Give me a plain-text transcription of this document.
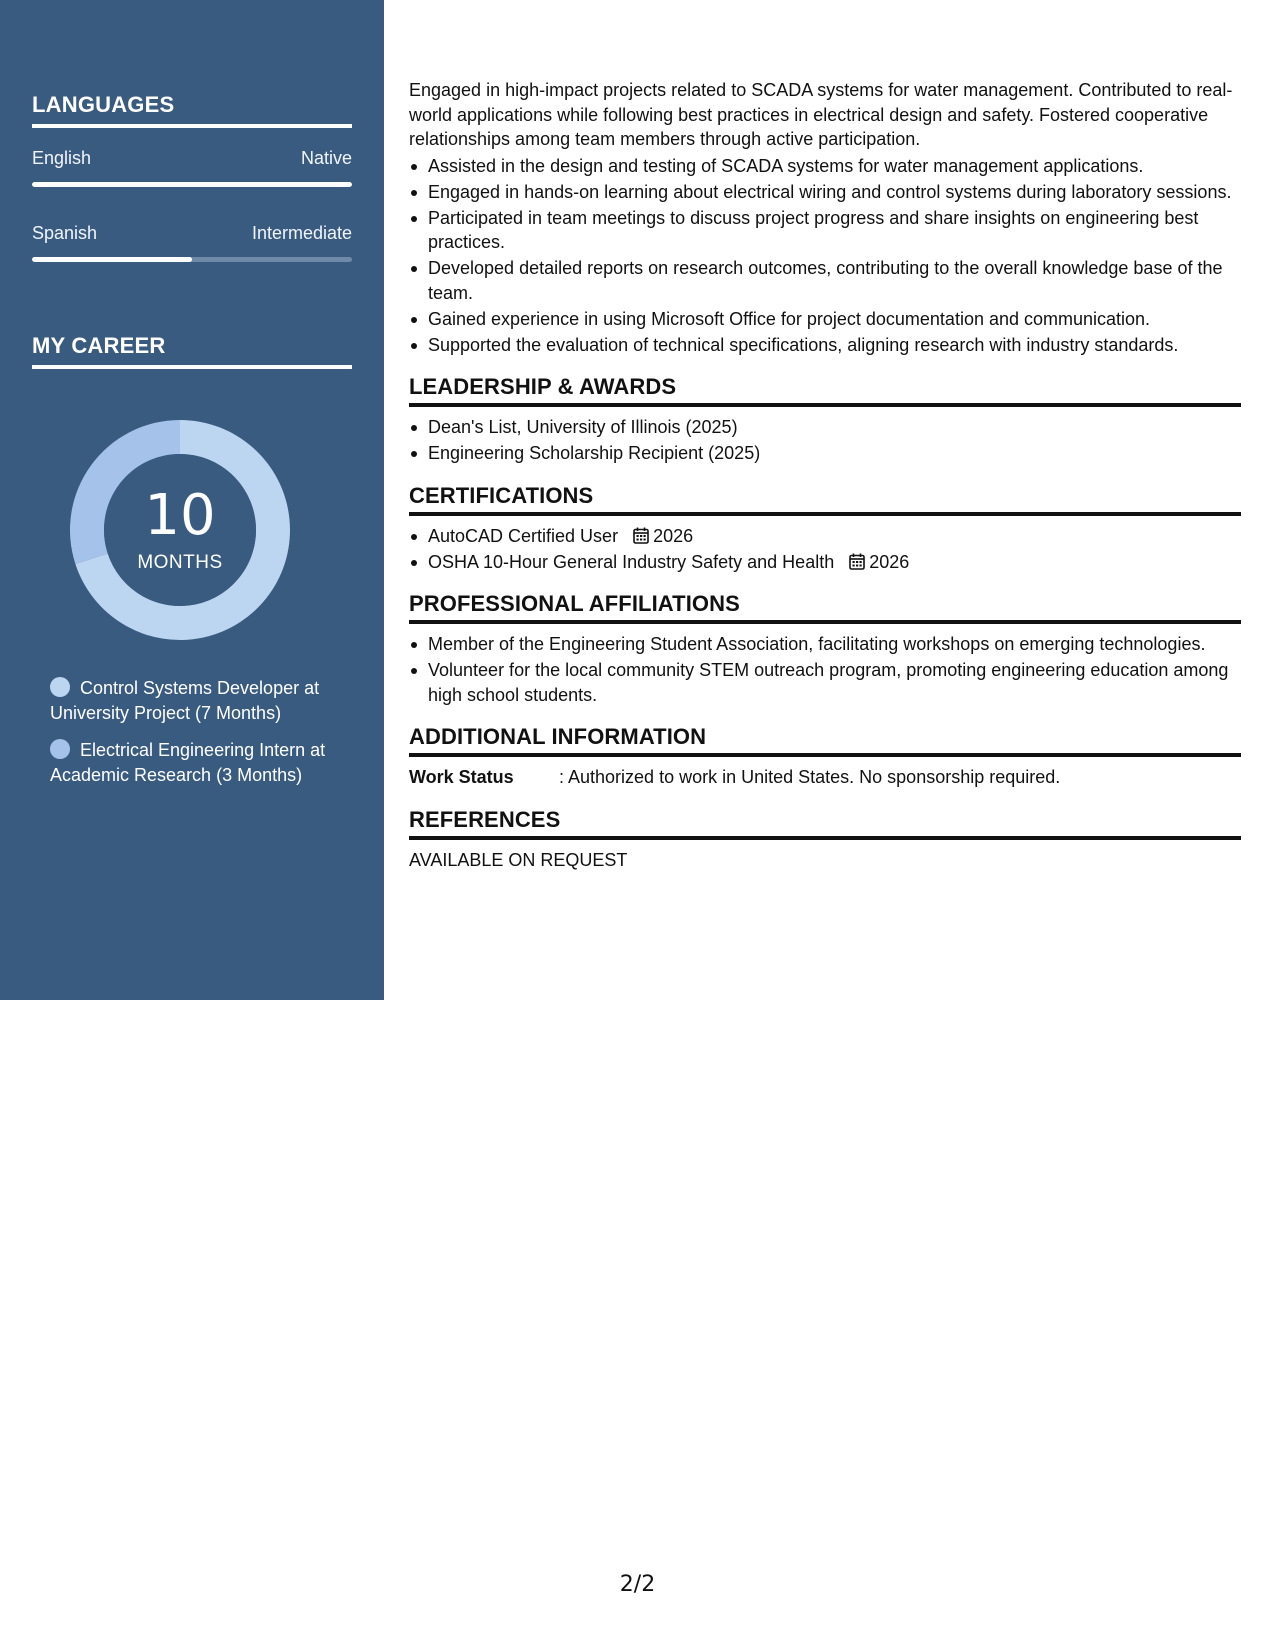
LANGUAGES
English	Native
Spanish	Intermediate
MY CAREER
10
MONTHS
Control Systems Developer at University Project (7 Months)
Electrical Engineering Intern at Academic Research (3 Months)

Engaged in high-impact projects related to SCADA systems for water management. Contributed to real-world applications while following best practices in electrical design and safety. Fostered cooperative relationships among team members through active participation.

Assisted in the design and testing of SCADA systems for water management applications.
Engaged in hands-on learning about electrical wiring and control systems during laboratory sessions.
Participated in team meetings to discuss project progress and share insights on engineering best practices.
Developed detailed reports on research outcomes, contributing to the overall knowledge base of the team.
Gained experience in using Microsoft Office for project documentation and communication.
Supported the evaluation of technical specifications, aligning research with industry standards.
LEADERSHIP & AWARDS
Dean's List, University of Illinois (2025)
Engineering Scholarship Recipient (2025)
CERTIFICATIONS
AutoCAD Certified User 2026
OSHA 10-Hour General Industry Safety and Health 2026
PROFESSIONAL AFFILIATIONS
Member of the Engineering Student Association, facilitating workshops on emerging technologies.
Volunteer for the local community STEM outreach program, promoting engineering education among high school students.
ADDITIONAL INFORMATION
Work Status	: Authorized to work in United States. No sponsorship required.
REFERENCES

AVAILABLE ON REQUEST

2/2
